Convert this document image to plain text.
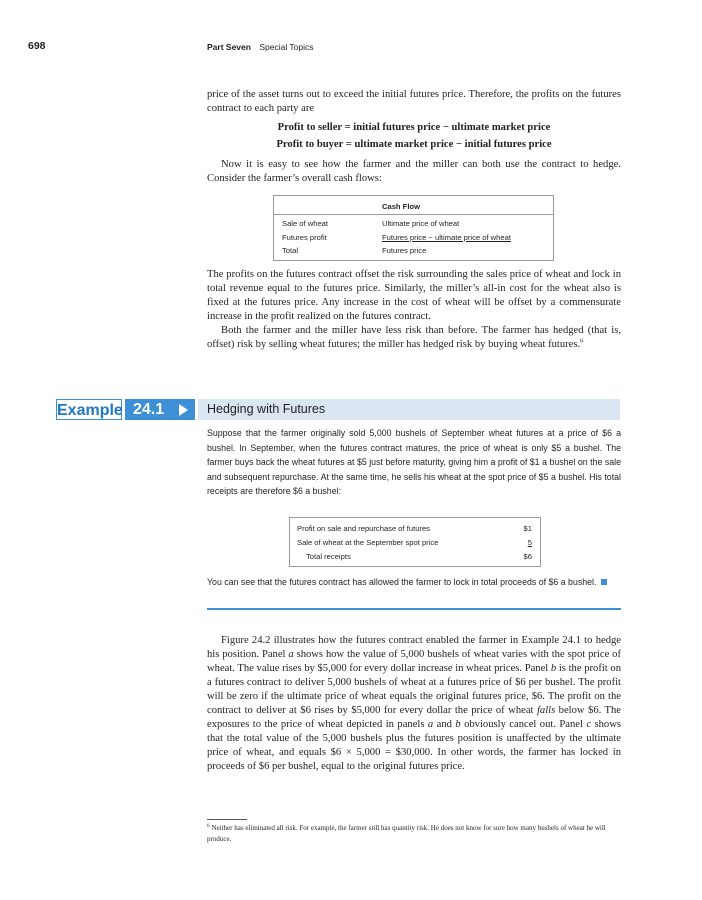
698	Part Seven Special Topics

price of the asset turns out to exceed the initial futures price. Therefore, the profits on the futures contract to each party are

Profit to seller = initial futures price − ultimate market price
Profit to buyer = ultimate market price − initial futures price

Now it is easy to see how the farmer and the miller can both use the contract to hedge. Consider the farmer’s overall cash flows:

Cash Flow
Sale of wheat	Ultimate price of wheat
Futures profit	Futures price − ultimate price of wheat
Total	Futures price

The profits on the futures contract offset the risk surrounding the sales price of wheat and lock in total revenue equal to the futures price. Similarly, the miller’s all-in cost for the wheat also is fixed at the futures price. Any increase in the cost of wheat will be offset by a commensurate increase in the profit realized on the futures contract.

Both the farmer and the miller have less risk than before. The farmer has hedged (that is, offset) risk by selling wheat futures; the miller has hedged risk by buying wheat futures.$^6$

Example 24.1	Hedging with Futures

Suppose that the farmer originally sold 5,000 bushels of September wheat futures at a price of $6 a bushel. In September, when the futures contract matures, the price of wheat is only $5 a bushel. The farmer buys back the wheat futures at $5 just before maturity, giving him a profit of $1 a bushel on the sale and subsequent repurchase. At the same time, he sells his wheat at the spot price of $5 a bushel. His total receipts are therefore $6 a bushel:

Profit on sale and repurchase of futures	$1
Sale of wheat at the September spot price	5
Total receipts	$6

You can see that the futures contract has allowed the farmer to lock in total proceeds of $6 a bushel.

Figure 24.2 illustrates how the futures contract enabled the farmer in Example 24.1 to hedge his position. Panel a shows how the value of 5,000 bushels of wheat varies with the spot price of wheat. The value rises by $5,000 for every dollar increase in wheat prices. Panel b is the profit on a futures contract to deliver 5,000 bushels of wheat at a futures price of $6 per bushel. The profit will be zero if the ultimate price of wheat equals the original futures price, $6. The profit on the contract to deliver at $6 rises by $5,000 for every dollar the price of wheat falls below $6. The exposures to the price of wheat depicted in panels a and b obviously cancel out. Panel c shows that the total value of the 5,000 bushels plus the futures position is unaffected by the ultimate price of wheat, and equals $6 × 5,000 = $30,000. In other words, the farmer has locked in proceeds of $6 per bushel, equal to the original futures price.

$^6$ Neither has eliminated all risk. For example, the farmer still has quantity risk. He does not know for sure how many bushels of wheat he will produce.
